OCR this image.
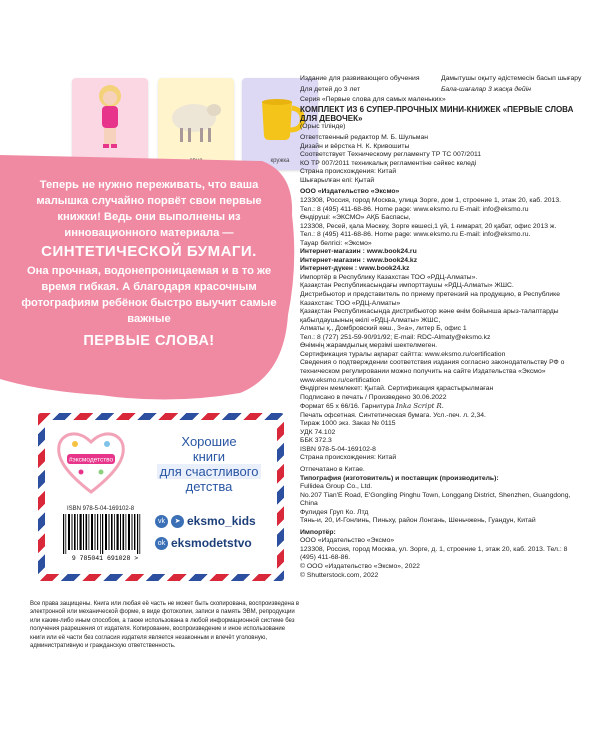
кружка
Теперь не нужно переживать, что ваша малышка случайно порвёт свои первые книжки! Ведь они выполнены из инновационного материала —
СИНТЕТИЧЕСКОЙ БУМАГИ.
Она прочная, водонепроницаемая и в то же время гибкая. А благодаря красочным фотографиям ребёнок быстро выучит самые важные
ПЕРВЫЕ СЛОВА!
#эксмодетство
Хорошие
книги
для счастливого
детства
ISBN 978-5-04-169102-8
9 785041 691028 >
vk	➤ eksmo_kids
ok eksmodetstvo
Все права защищены. Книга или любая её часть не может быть скопирована, воспроизведена в электронной или механической форме, в виде фотокопии, записи в память ЭВМ, репродукции или каким-либо иным способом, а также использована в любой информационной системе без получения разрешения от издателя. Копирование, воспроизведение и иное использование книги или её части без согласия издателя является незаконным и влечёт уголовную, административную и гражданскую ответственность.
Издание для развивающего обучения	Дамытушы оқыту әдістемесін басып шығару
Для детей до 3 лет	Бала-шағалар 3 жасқа дейін

Серия «Первые слова для самых маленьких»

КОМПЛЕКТ ИЗ 6 СУПЕР-ПРОЧНЫХ МИНИ-КНИЖЕК «ПЕРВЫЕ СЛОВА ДЛЯ ДЕВОЧЕК»

(Орыс тілінде)

Ответственный редактор М. Б. Шульман

Дизайн и вёрстка Н. К. Кривошиты

Соответствует Техническому регламенту ТР ТС 007/2011

КО ТР 007/2011 техникалық регламентіне сәйкес келеді

Страна происхождения: Китай

Шығарылған елі: Қытай

ООО «Издательство «Эксмо»

123308, Россия, город Москва, улица Зорге, дом 1, строение 1, этаж 20, каб. 2013.

Тел.: 8 (495) 411-68-86. Home page: www.eksmo.ru E-mail: info@eksmo.ru

Өндіруші: «ЭКСМО» АҚБ Баспасы,

123308, Ресей, қала Мәскеу, Зорге көшесі,1 үй, 1 ғимарат, 20 қабат, офис 2013 ж.

Тел.: 8 (495) 411-68-86. Home page: www.eksmo.ru E-mail: info@eksmo.ru.

Тауар белгісі: «Эксмо»

Интернет-магазин : www.book24.ru

Интернет-магазин : www.book24.kz

Интернет-дүкен : www.book24.kz

Импортёр в Республику Казахстан ТОО «РДЦ-Алматы».

Қазақстан Республикасындағы импорттаушы «РДЦ-Алматы» ЖШС.

Дистрибьютор и представитель по приему претензий на продукцию, в Республике Казахстан: ТОО «РДЦ-Алматы»

Қазақстан Республикасында дистрибьютор және өнім бойынша арыз-талаптарды қабылдаушының өкілі «РДЦ-Алматы» ЖШС,

Алматы қ., Домбровский көш., 3«а», литер Б, офис 1

Тел.: 8 (727) 251-59-90/91/92; E-mail: RDC-Almaty@eksmo.kz

Өнімнің жарамдылық мерзімі шектелмеген.

Сертификация туралы ақпарат сайтта: www.eksmo.ru/certification

Сведения о подтверждении соответствия издания согласно законодательству РФ о техническом регулировании можно получить на сайте Издательства «Эксмо»

www.eksmo.ru/certification

Өндірген мемлекет: Қытай. Сертификация қарастырылмаған

Подписано в печать / Произведено 30.06.2022

Формат 65 х 66/16. Гарнитура Inka Script R.

Печать офсетная. Синтетическая бумага. Усл.-печ. л. 2,34.

Тираж 1000 экз. Заказ № 0115

УДК 74.102

ББК 372.3

ISBN 978-5-04-169102-8

Страна происхождения: Китай

Отпечатано в Китае.

Типография (изготовитель) и поставщик (производитель):

Fullidea Group Co., Ltd.

No.207 Tian'E Road, E'Gongling Pinghu Town, Longgang District, Shenzhen, Guangdong, China

Фулидея Груп Ко. Лтд

Тянь-и, 20, И-Гонлинь, Пиньху, район Лонгань, Шеньчжень, Гуандун, Китай

Импортёр:

ООО «Издательство «Эксмо»

123308, Россия, город Москва, ул. Зорге, д. 1, строение 1, этаж 20, каб. 2013. Тел.: 8 (495) 411-68-86.

© ООО «Издательство «Эксмо», 2022

© Shutterstock.com, 2022
